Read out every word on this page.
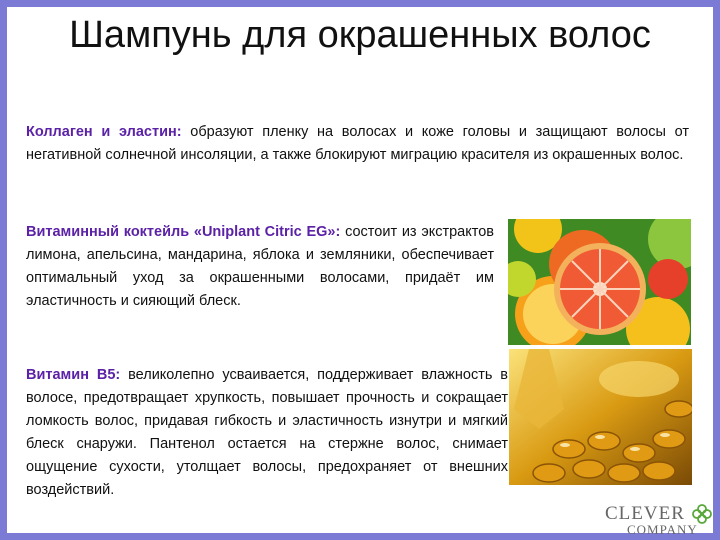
Шампунь для окрашенных волос

Коллаген и эластин: образуют пленку на волосах и коже головы и защищают волосы от негативной солнечной инсоляции, а также блокируют миграцию красителя из окрашенных волос.

Витаминный коктейль «Uniplant Citric EG»: состоит из экстрактов лимона, апельсина, мандарина, яблока и земляники, обеспечивает оптимальный уход за окрашенными волосами, придаёт им эластичность и сияющий блеск.

Витамин В5: великолепно усваивается, поддерживает влажность в волосе, предотвращает хрупкость, повышает прочность и сокращает ломкость волос, придавая гибкость и эластичность изнутри и мягкий блеск снаружи. Пантенол остается на стержне волос, снимает ощущение сухости, утолщает волосы, предохраняет от внешних воздействий.

CLEVER
COMPANY
